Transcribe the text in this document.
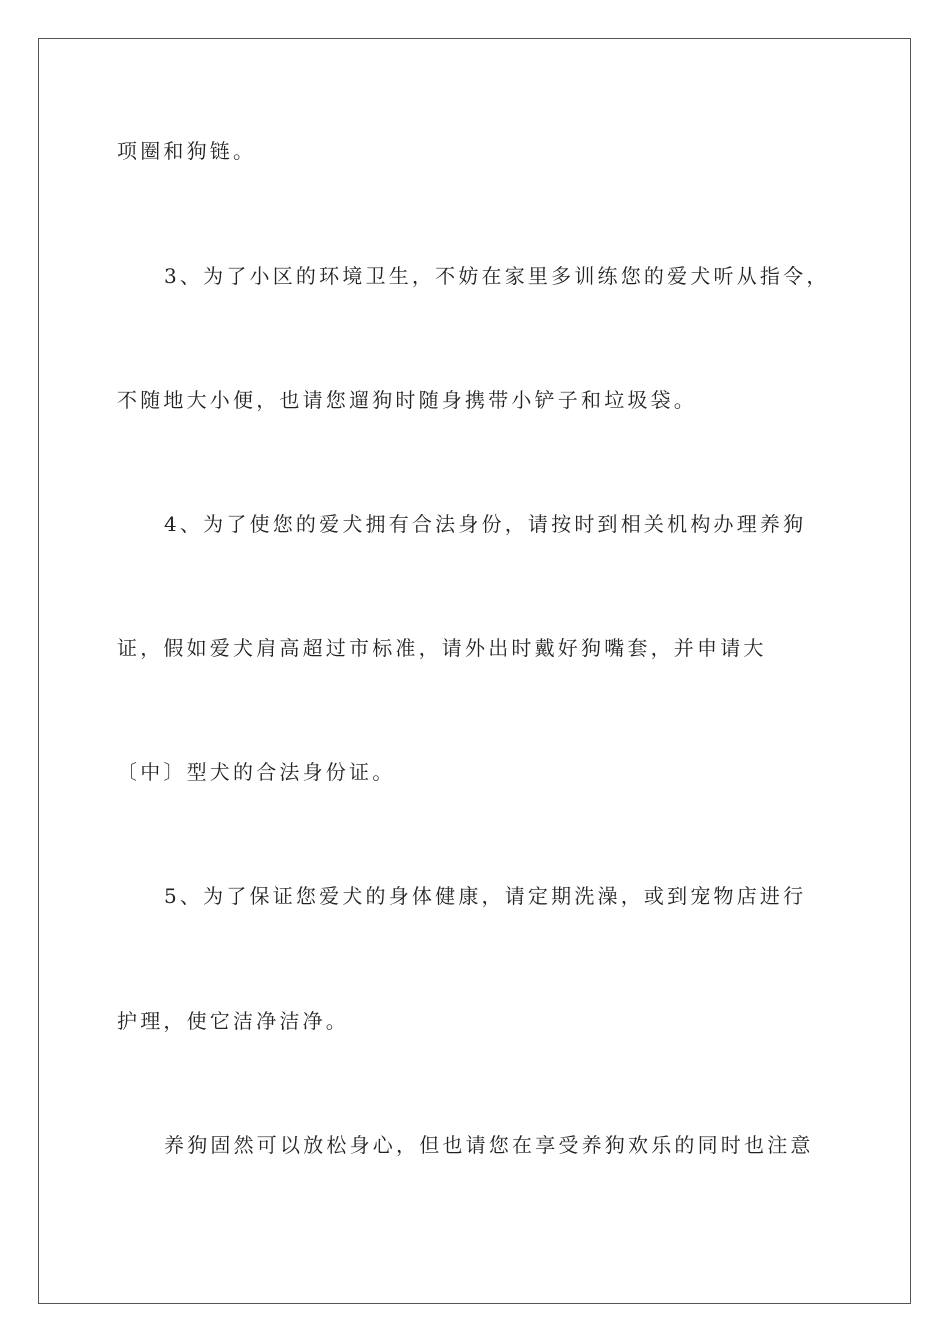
项圈和狗链。

3、为了小区的环境卫生，不妨在家里多训练您的爱犬听从指令，

不随地大小便，也请您遛狗时随身携带小铲子和垃圾袋。

4、为了使您的爱犬拥有合法身份，请按时到相关机构办理养狗

证，假如爱犬肩高超过市标准，请外出时戴好狗嘴套，并申请大

〔中〕型犬的合法身份证。

5、为了保证您爱犬的身体健康，请定期洗澡，或到宠物店进行

护理，使它洁净洁净。

养狗固然可以放松身心，但也请您在享受养狗欢乐的同时也注意
